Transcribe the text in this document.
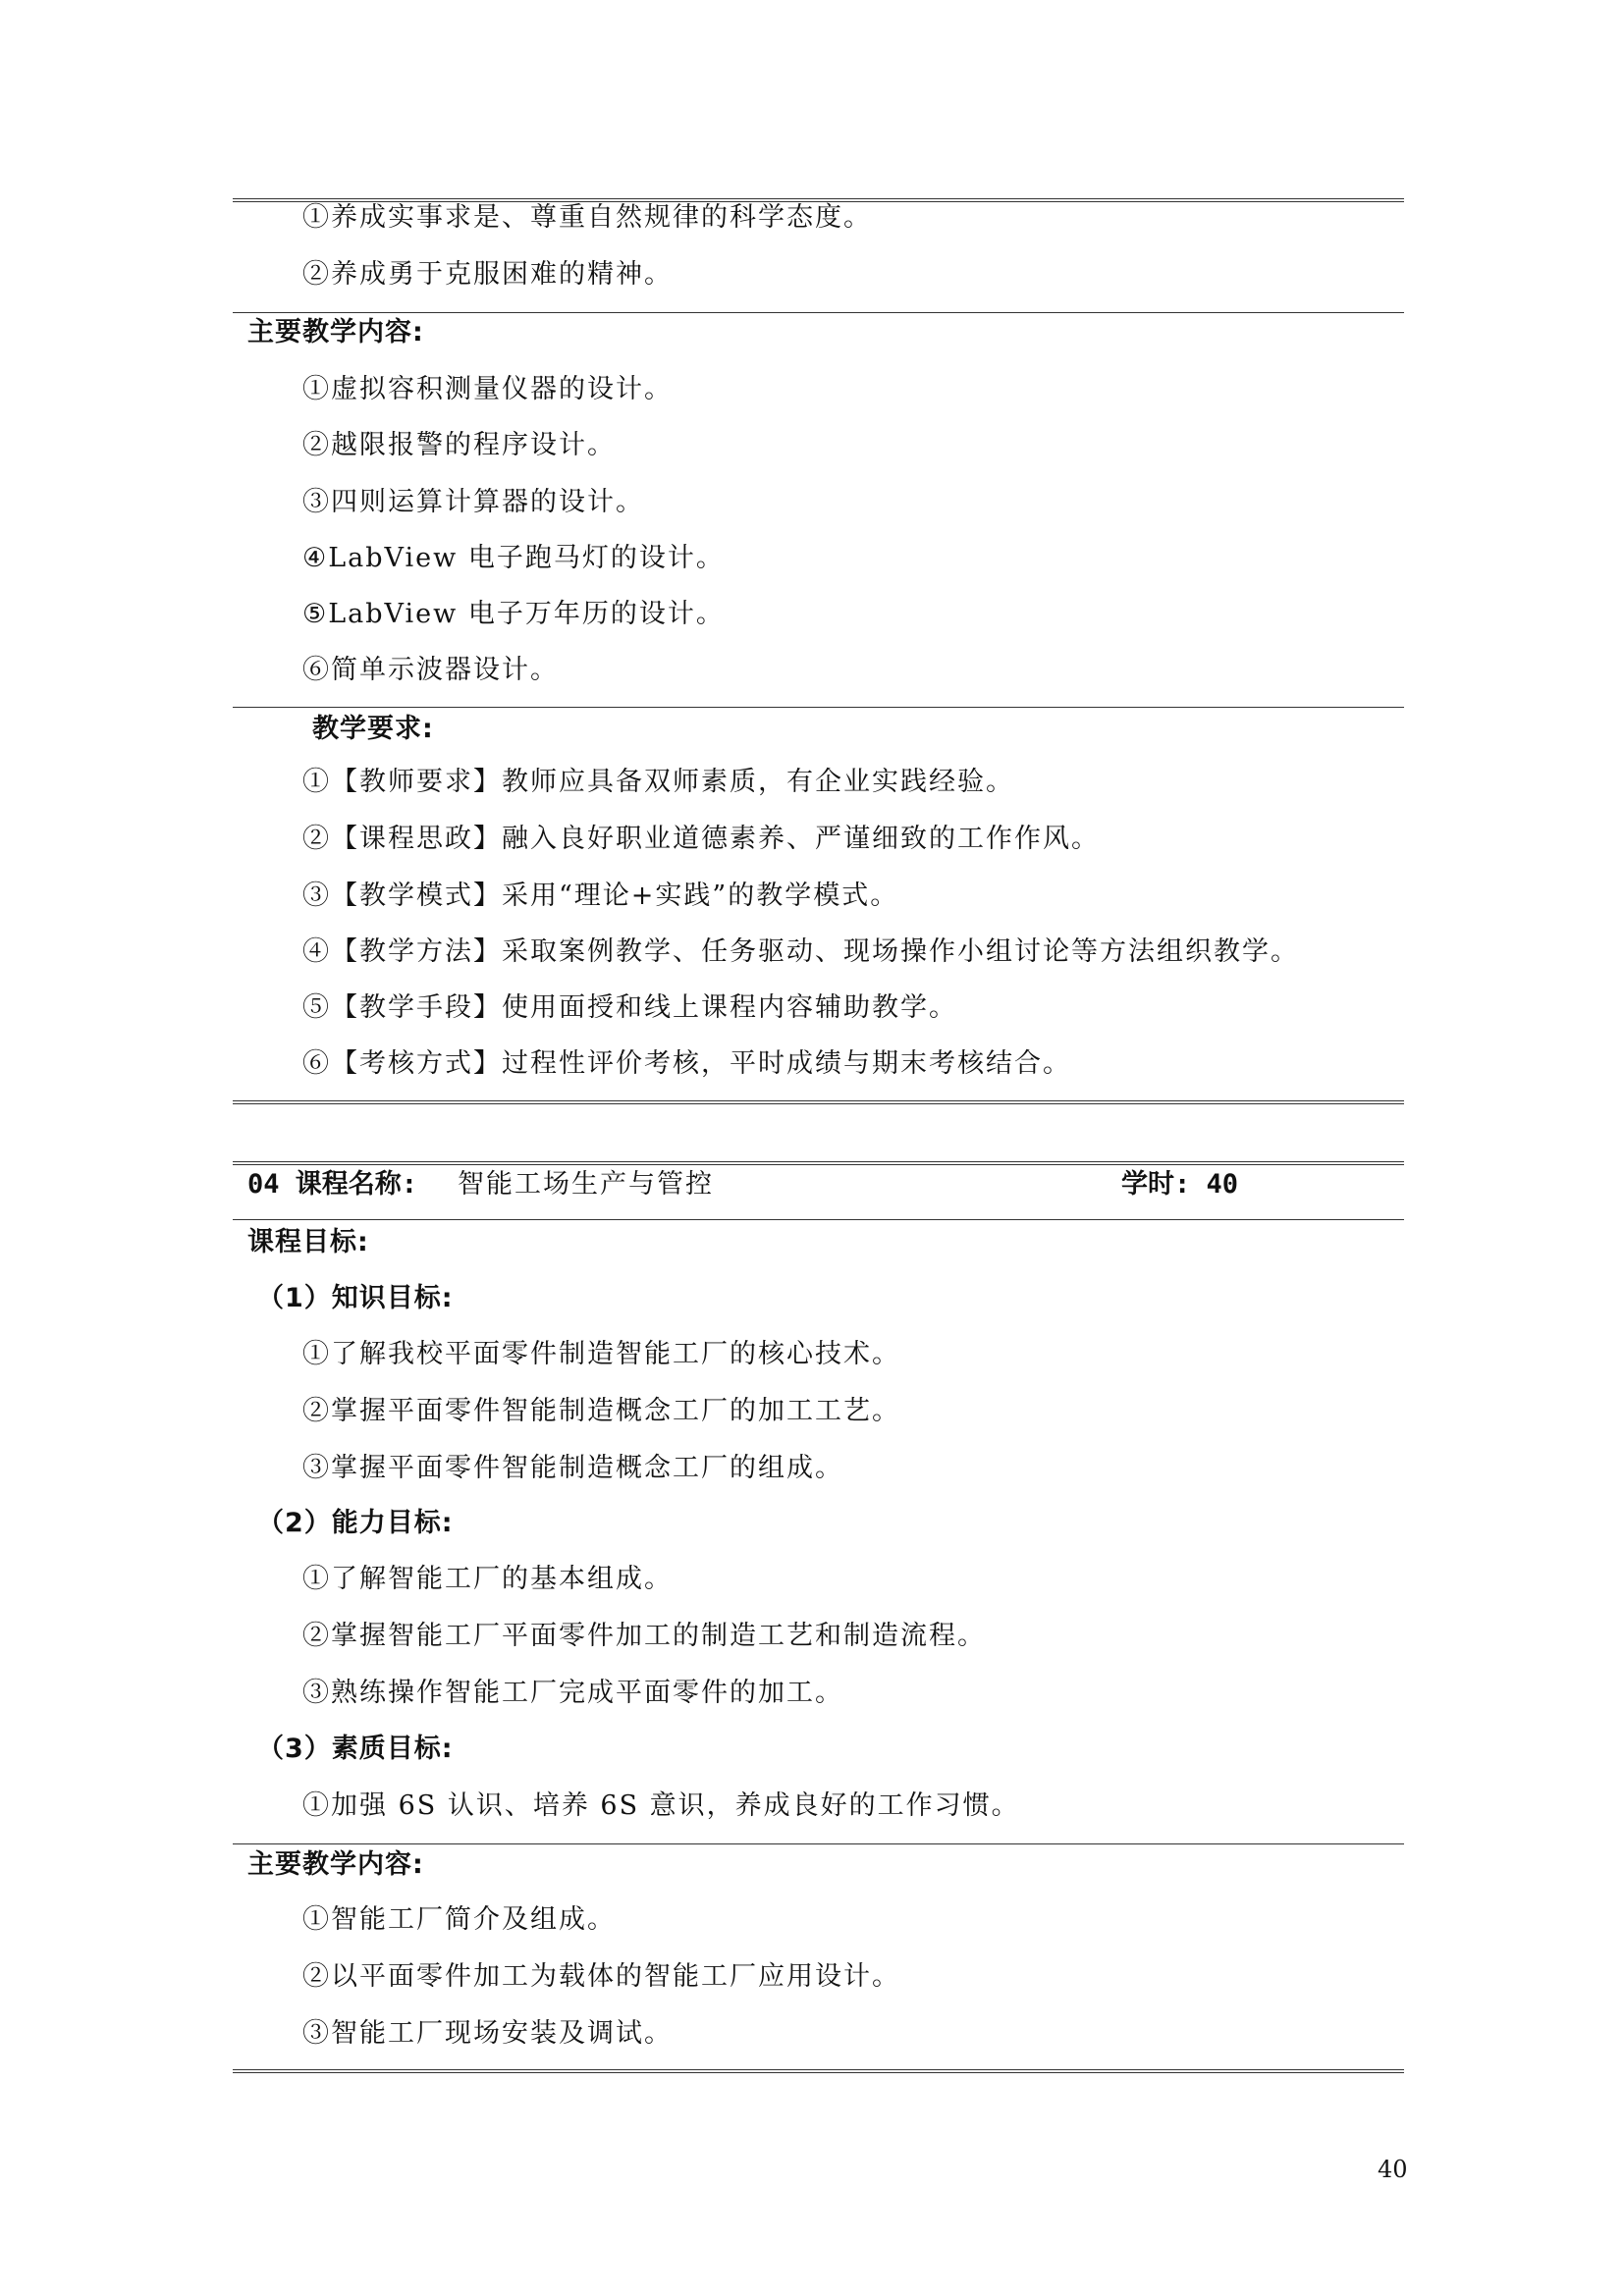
①养成实事求是、尊重自然规律的科学态度。
②养成勇于克服困难的精神。
主要教学内容:
①虚拟容积测量仪器的设计。
②越限报警的程序设计。
③四则运算计算器的设计。
④LabView 电子跑马灯的设计。
⑤LabView 电子万年历的设计。
⑥简单示波器设计。
教学要求:
①【教师要求】教师应具备双师素质，有企业实践经验。
②【课程思政】融入良好职业道德素养、严谨细致的工作作风。
③【教学模式】采用“理论+实践”的教学模式。
④【教学方法】采取案例教学、任务驱动、现场操作小组讨论等方法组织教学。
⑤【教学手段】使用面授和线上课程内容辅助教学。
⑥【考核方式】过程性评价考核，平时成绩与期末考核结合。
04 课程名称: 智能工场生产与管控	学时: 40
课程目标:
（1）知识目标:
①了解我校平面零件制造智能工厂的核心技术。
②掌握平面零件智能制造概念工厂的加工工艺。
③掌握平面零件智能制造概念工厂的组成。
（2）能力目标:
①了解智能工厂的基本组成。
②掌握智能工厂平面零件加工的制造工艺和制造流程。
③熟练操作智能工厂完成平面零件的加工。
（3）素质目标:
①加强 6S 认识、培养 6S 意识，养成良好的工作习惯。
主要教学内容:
①智能工厂简介及组成。
②以平面零件加工为载体的智能工厂应用设计。
③智能工厂现场安装及调试。
40
